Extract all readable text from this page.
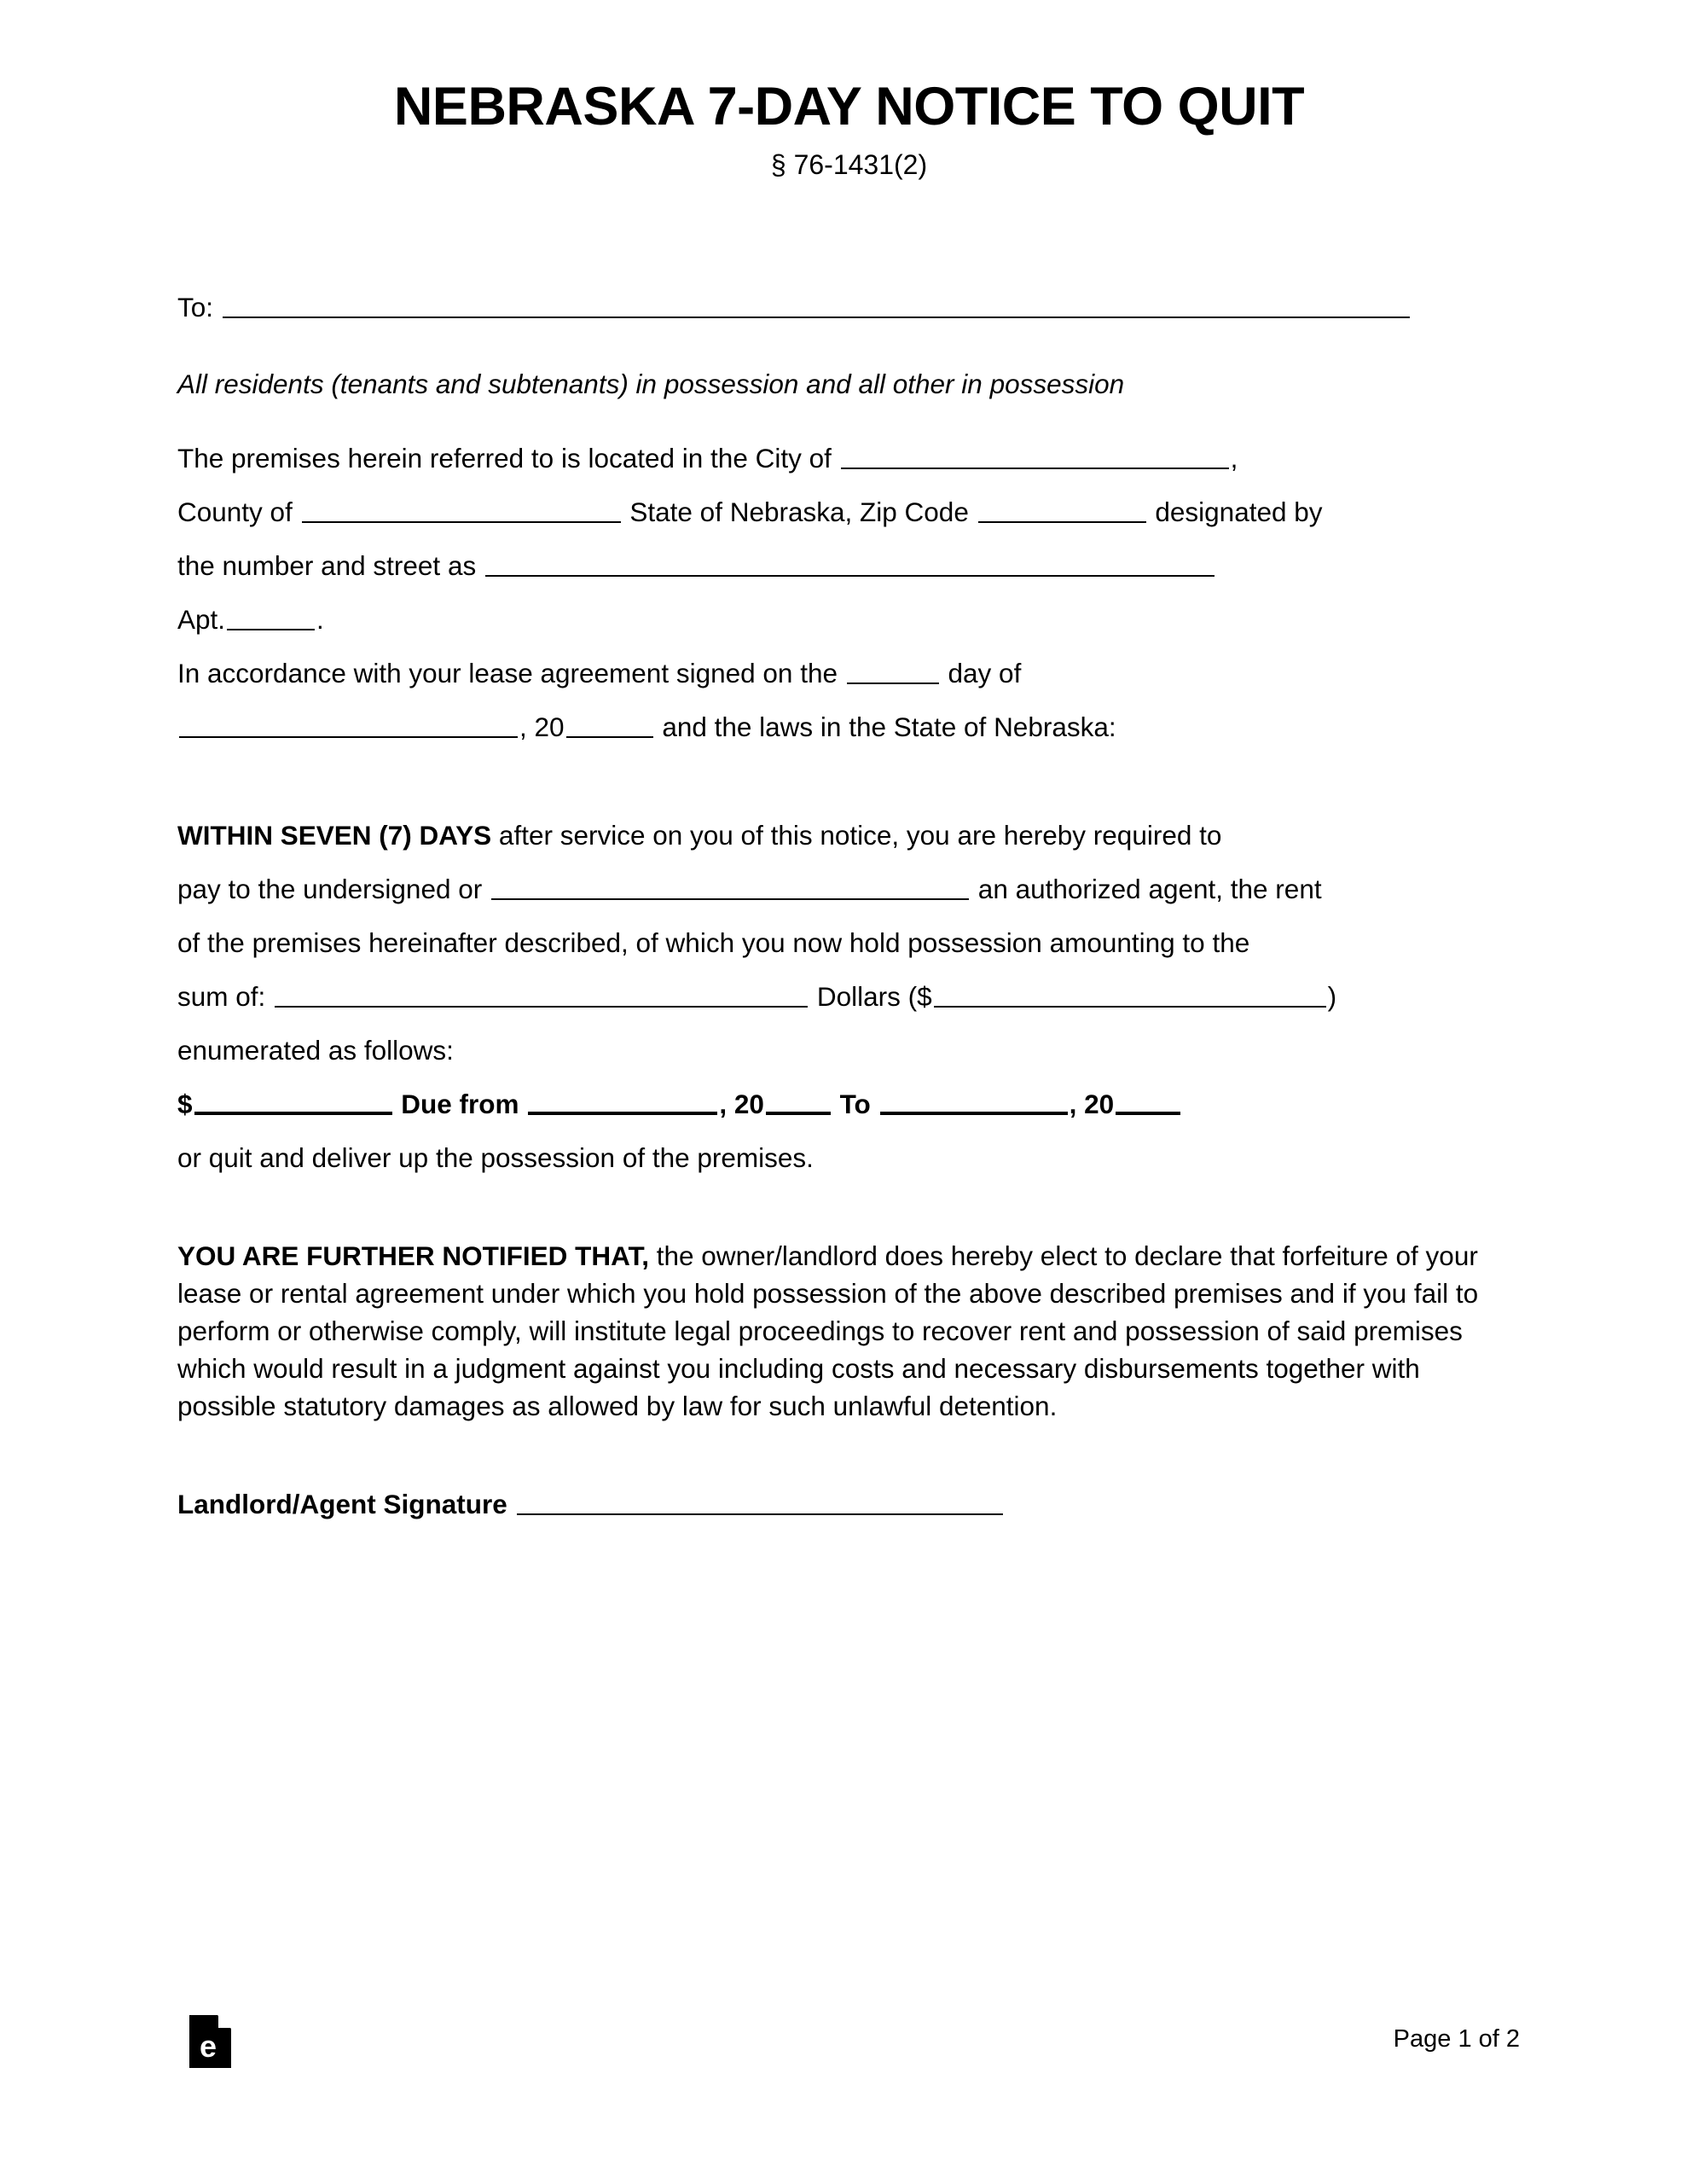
NEBRASKA 7-DAY NOTICE TO QUIT
§ 76-1431(2)
To:
All residents (tenants and subtenants) in possession and all other in possession
The premises herein referred to is located in the City of	,
County of	State of Nebraska, Zip Code	designated by
the number and street as
Apt.	.
In accordance with your lease agreement signed on the	day of
, 20	and the laws in the State of Nebraska:
WITHIN SEVEN (7) DAYS after service on you of this notice, you are hereby required to
pay to the undersigned or	an authorized agent, the rent
of the premises hereinafter described, of which you now hold possession amounting to the
sum of:	Dollars ($	)
enumerated as follows:
$	Due from	, 20	To	, 20
or quit and deliver up the possession of the premises.
YOU ARE FURTHER NOTIFIED THAT, the owner/landlord does hereby elect to declare that forfeiture of your lease or rental agreement under which you hold possession of the above described premises and if you fail to perform or otherwise comply, will institute legal proceedings to recover rent and possession of said premises which would result in a judgment against you including costs and necessary disbursements together with possible statutory damages as allowed by law for such unlawful detention.
Landlord/Agent Signature
e	Page 1 of 2
